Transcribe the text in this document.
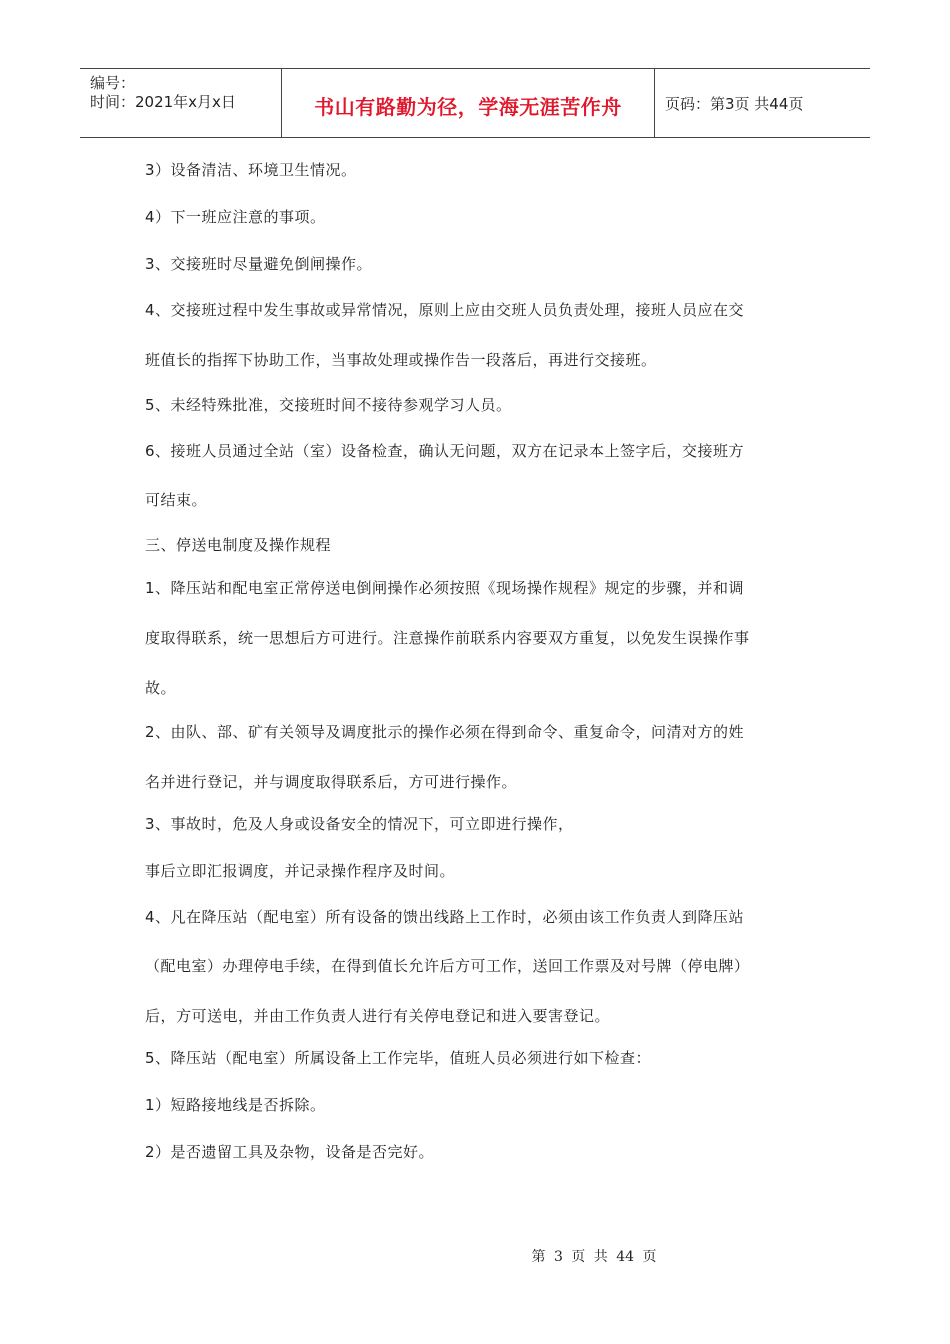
编号：
时间：2021年x月x日	书山有路勤为径，学海无涯苦作舟	页码：第3页 共44页
3）设备清洁、环境卫生情况。
4）下一班应注意的事项。
3、交接班时尽量避免倒闸操作。
4、交接班过程中发生事故或异常情况，原则上应由交班人员负责处理，接班人员应在交
班值长的指挥下协助工作，当事故处理或操作告一段落后，再进行交接班。
5、未经特殊批准，交接班时间不接待参观学习人员。
6、接班人员通过全站（室）设备检查，确认无问题，双方在记录本上签字后，交接班方
可结束。
三、停送电制度及操作规程
1、降压站和配电室正常停送电倒闸操作必须按照《现场操作规程》规定的步骤，并和调
度取得联系，统一思想后方可进行。注意操作前联系内容要双方重复，以免发生误操作事
故。
2、由队、部、矿有关领导及调度批示的操作必须在得到命令、重复命令，问清对方的姓
名并进行登记，并与调度取得联系后，方可进行操作。
3、事故时，危及人身或设备安全的情况下，可立即进行操作，
事后立即汇报调度，并记录操作程序及时间。
4、凡在降压站（配电室）所有设备的馈出线路上工作时，必须由该工作负责人到降压站
（配电室）办理停电手续，在得到值长允许后方可工作，送回工作票及对号牌（停电牌）
后，方可送电，并由工作负责人进行有关停电登记和进入要害登记。
5、降压站（配电室）所属设备上工作完毕，值班人员必须进行如下检查：
1）短路接地线是否拆除。
2）是否遗留工具及杂物，设备是否完好。
第 3 页 共 44 页
